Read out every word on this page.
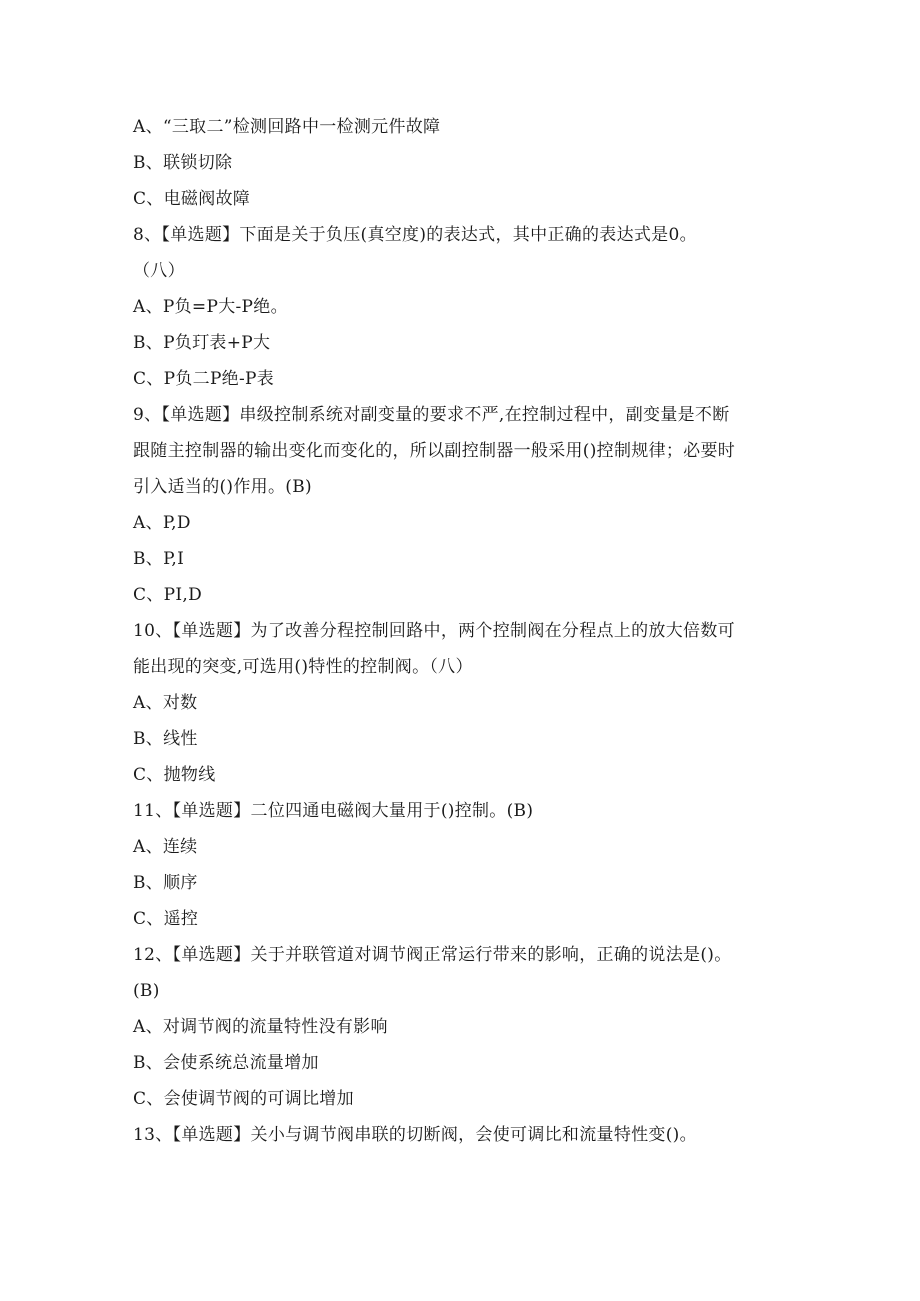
A、“三取二”检测回路中一检测元件故障
B、联锁切除
C、电磁阀故障
8、【单选题】下面是关于负压(真空度)的表达式，其中正确的表达式是0。
（八）
A、P负=P大-P绝。
B、P负玎表+P大
C、P负二P绝-P表
9、【单选题】串级控制系统对副变量的要求不严,在控制过程中，副变量是不断
跟随主控制器的输出变化而变化的，所以副控制器一般采用()控制规律；必要时
引入适当的()作用。(B)
A、P,D
B、P,I
C、PI,D
10、【单选题】为了改善分程控制回路中，两个控制阀在分程点上的放大倍数可
能出现的突变,可选用()特性的控制阀。（八）
A、对数
B、线性
C、抛物线
11、【单选题】二位四通电磁阀大量用于()控制。(B)
A、连续
B、顺序
C、遥控
12、【单选题】关于并联管道对调节阀正常运行带来的影响，正确的说法是()。
(B)
A、对调节阀的流量特性没有影响
B、会使系统总流量增加
C、会使调节阀的可调比增加
13、【单选题】关小与调节阀串联的切断阀，会使可调比和流量特性变()。
